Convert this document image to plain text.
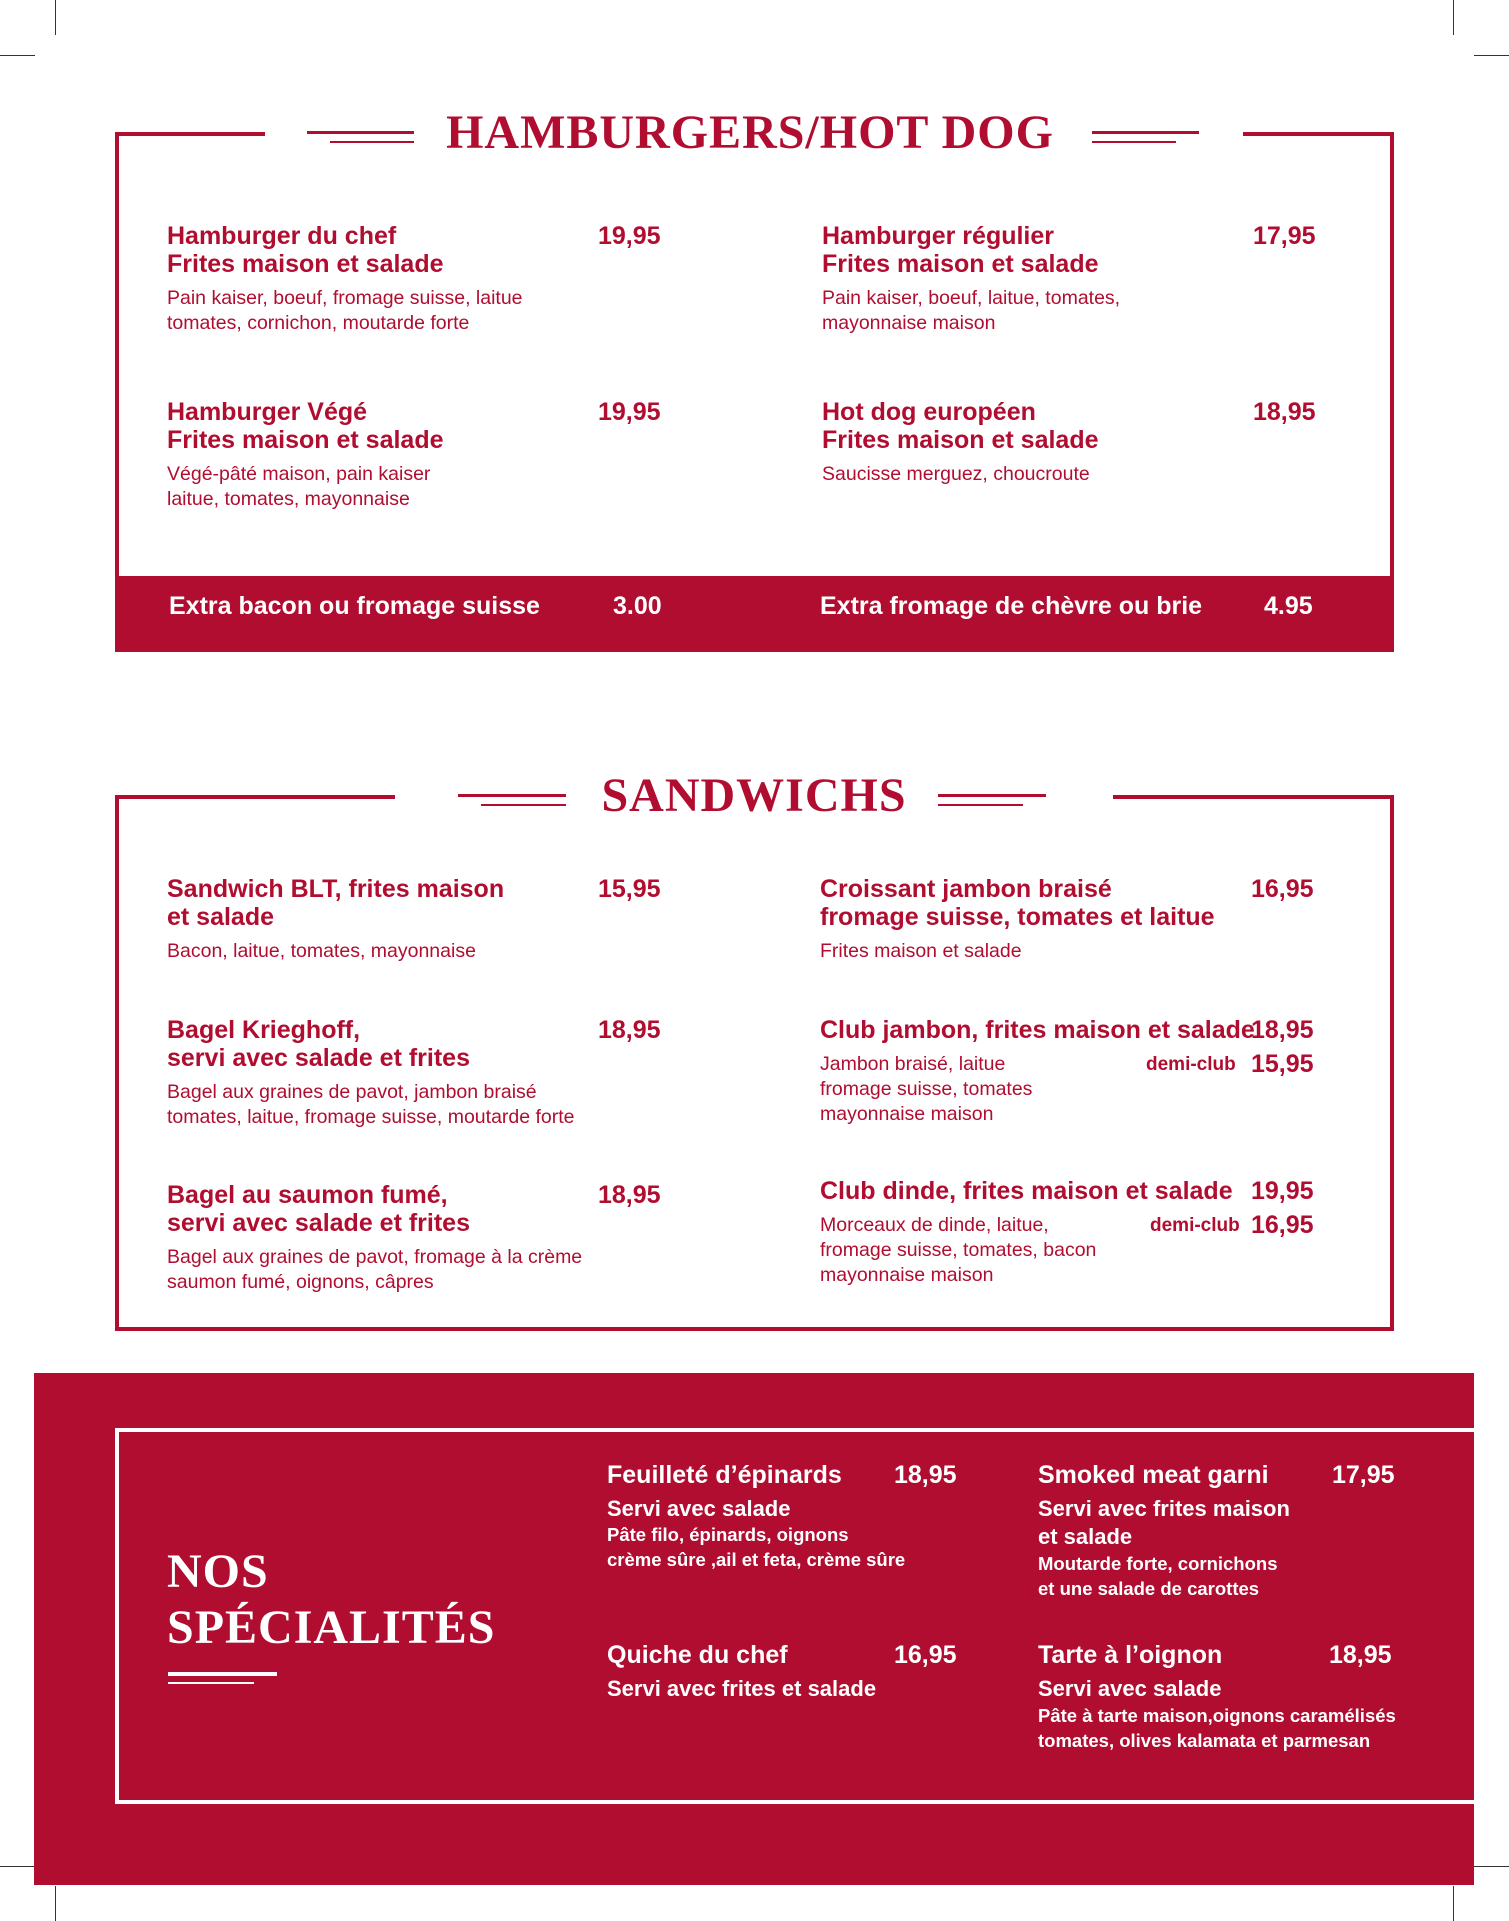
HAMBURGERS/HOT DOG
Hamburger du chef
Frites maison et salade
19,95
Pain kaiser, boeuf, fromage suisse, laitue
tomates, cornichon, moutarde forte
Hamburger régulier
Frites maison et salade
17,95
Pain kaiser, boeuf, laitue, tomates,
mayonnaise maison
Hamburger Végé
Frites maison et salade
19,95
Végé-pâté maison, pain kaiser
laitue, tomates, mayonnaise
Hot dog européen
Frites maison et salade
18,95
Saucisse merguez, choucroute
Extra bacon ou fromage suisse	3.00	Extra fromage de chèvre ou brie 4.95
SANDWICHS
Sandwich BLT, frites maison
et salade
15,95
Bacon, laitue, tomates, mayonnaise
Croissant jambon braisé
fromage suisse, tomates et laitue
16,95
Frites maison et salade
Bagel Krieghoff,
servi avec salade et frites
18,95
Bagel aux graines de pavot, jambon braisé
tomates, laitue, fromage suisse, moutarde forte
Club jambon, frites maison et salade
18,95
Jambon braisé, laitue
fromage suisse, tomates
mayonnaise maison
demi-club 15,95
Bagel au saumon fumé,
servi avec salade et frites
18,95
Bagel aux graines de pavot, fromage à la crème
saumon fumé, oignons, câpres
Club dinde, frites maison et salade 19,95
Morceaux de dinde, laitue,
fromage suisse, tomates, bacon
mayonnaise maison
demi-club 16,95
NOS
SPÉCIALITÉS
Feuilleté d’épinards 18,95
Servi avec salade
Pâte filo, épinards, oignons
crème sûre ,ail et feta, crème sûre
Smoked meat garni	17,95
Servi avec frites maison
et salade
Moutarde forte, cornichons
et une salade de carottes
Quiche du chef	16,95
Servi avec frites et salade
Tarte à l’oignon	18,95
Servi avec salade
Pâte à tarte maison,oignons caramélisés
tomates, olives kalamata et parmesan
